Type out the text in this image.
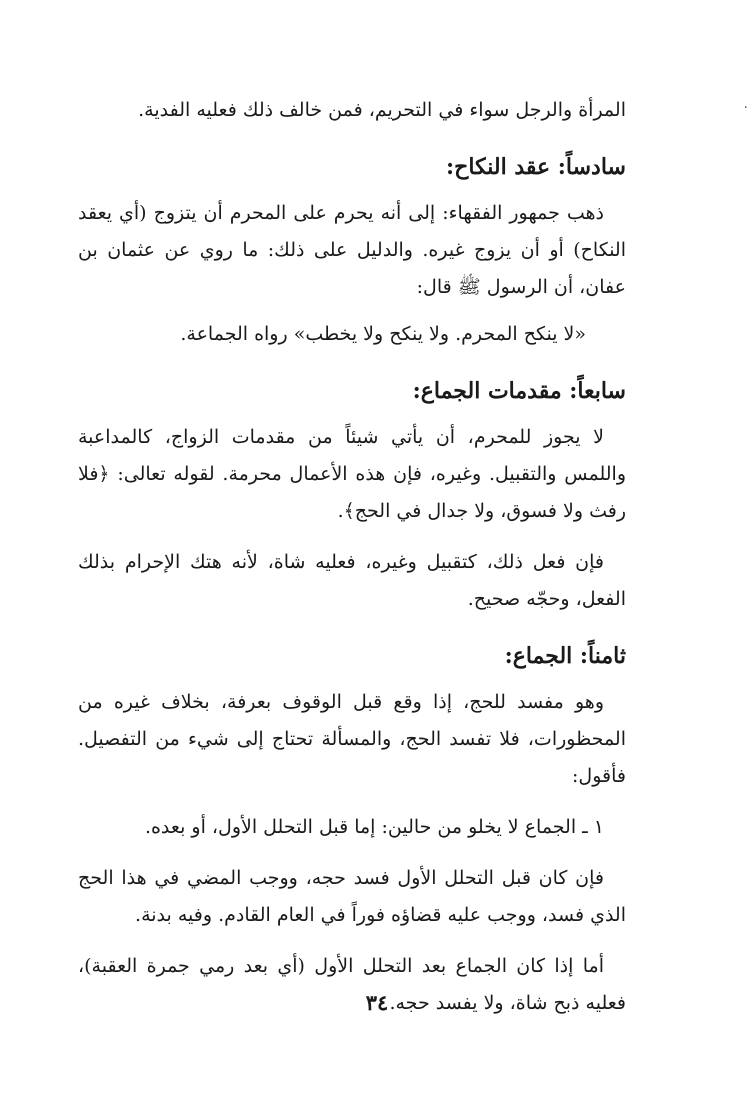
·

المرأة والرجل سواء في التحريم، فمن خالف ذلك فعليه الفدية.

سادساً: عقد النكاح:

ذهب جمهور الفقهاء: إلى أنه يحرم على المحرم أن يتزوج (أي يعقد النكاح) أو أن يزوج غيره. والدليل على ذلك: ما روي عن عثمان بن عفان، أن الرسول ﷺ قال:

«لا ينكح المحرم. ولا ينكح ولا يخطب» رواه الجماعة.

سابعاً: مقدمات الجماع:

لا يجوز للمحرم، أن يأتي شيئاً من مقدمات الزواج، كالمداعبة واللمس والتقبيل. وغيره، فإن هذه الأعمال محرمة. لقوله تعالى: ﴿فلا رفث ولا فسوق، ولا جدال في الحج﴾.

فإن فعل ذلك، كتقبيل وغيره، فعليه شاة، لأنه هتك الإحرام بذلك الفعل، وحجّه صحيح.

ثامناً: الجماع:

وهو مفسد للحج، إذا وقع قبل الوقوف بعرفة، بخلاف غيره من المحظورات، فلا تفسد الحج، والمسألة تحتاج إلى شيء من التفصيل. فأقول:

١ ـ الجماع لا يخلو من حالين: إما قبل التحلل الأول، أو بعده.

فإن كان قبل التحلل الأول فسد حجه، ووجب المضي في هذا الحج الذي فسد، ووجب عليه قضاؤه فوراً في العام القادم. وفيه بدنة.

أما إذا كان الجماع بعد التحلل الأول (أي بعد رمي جمرة العقبة)، فعليه ذبح شاة، ولا يفسد حجه.

٣٤
